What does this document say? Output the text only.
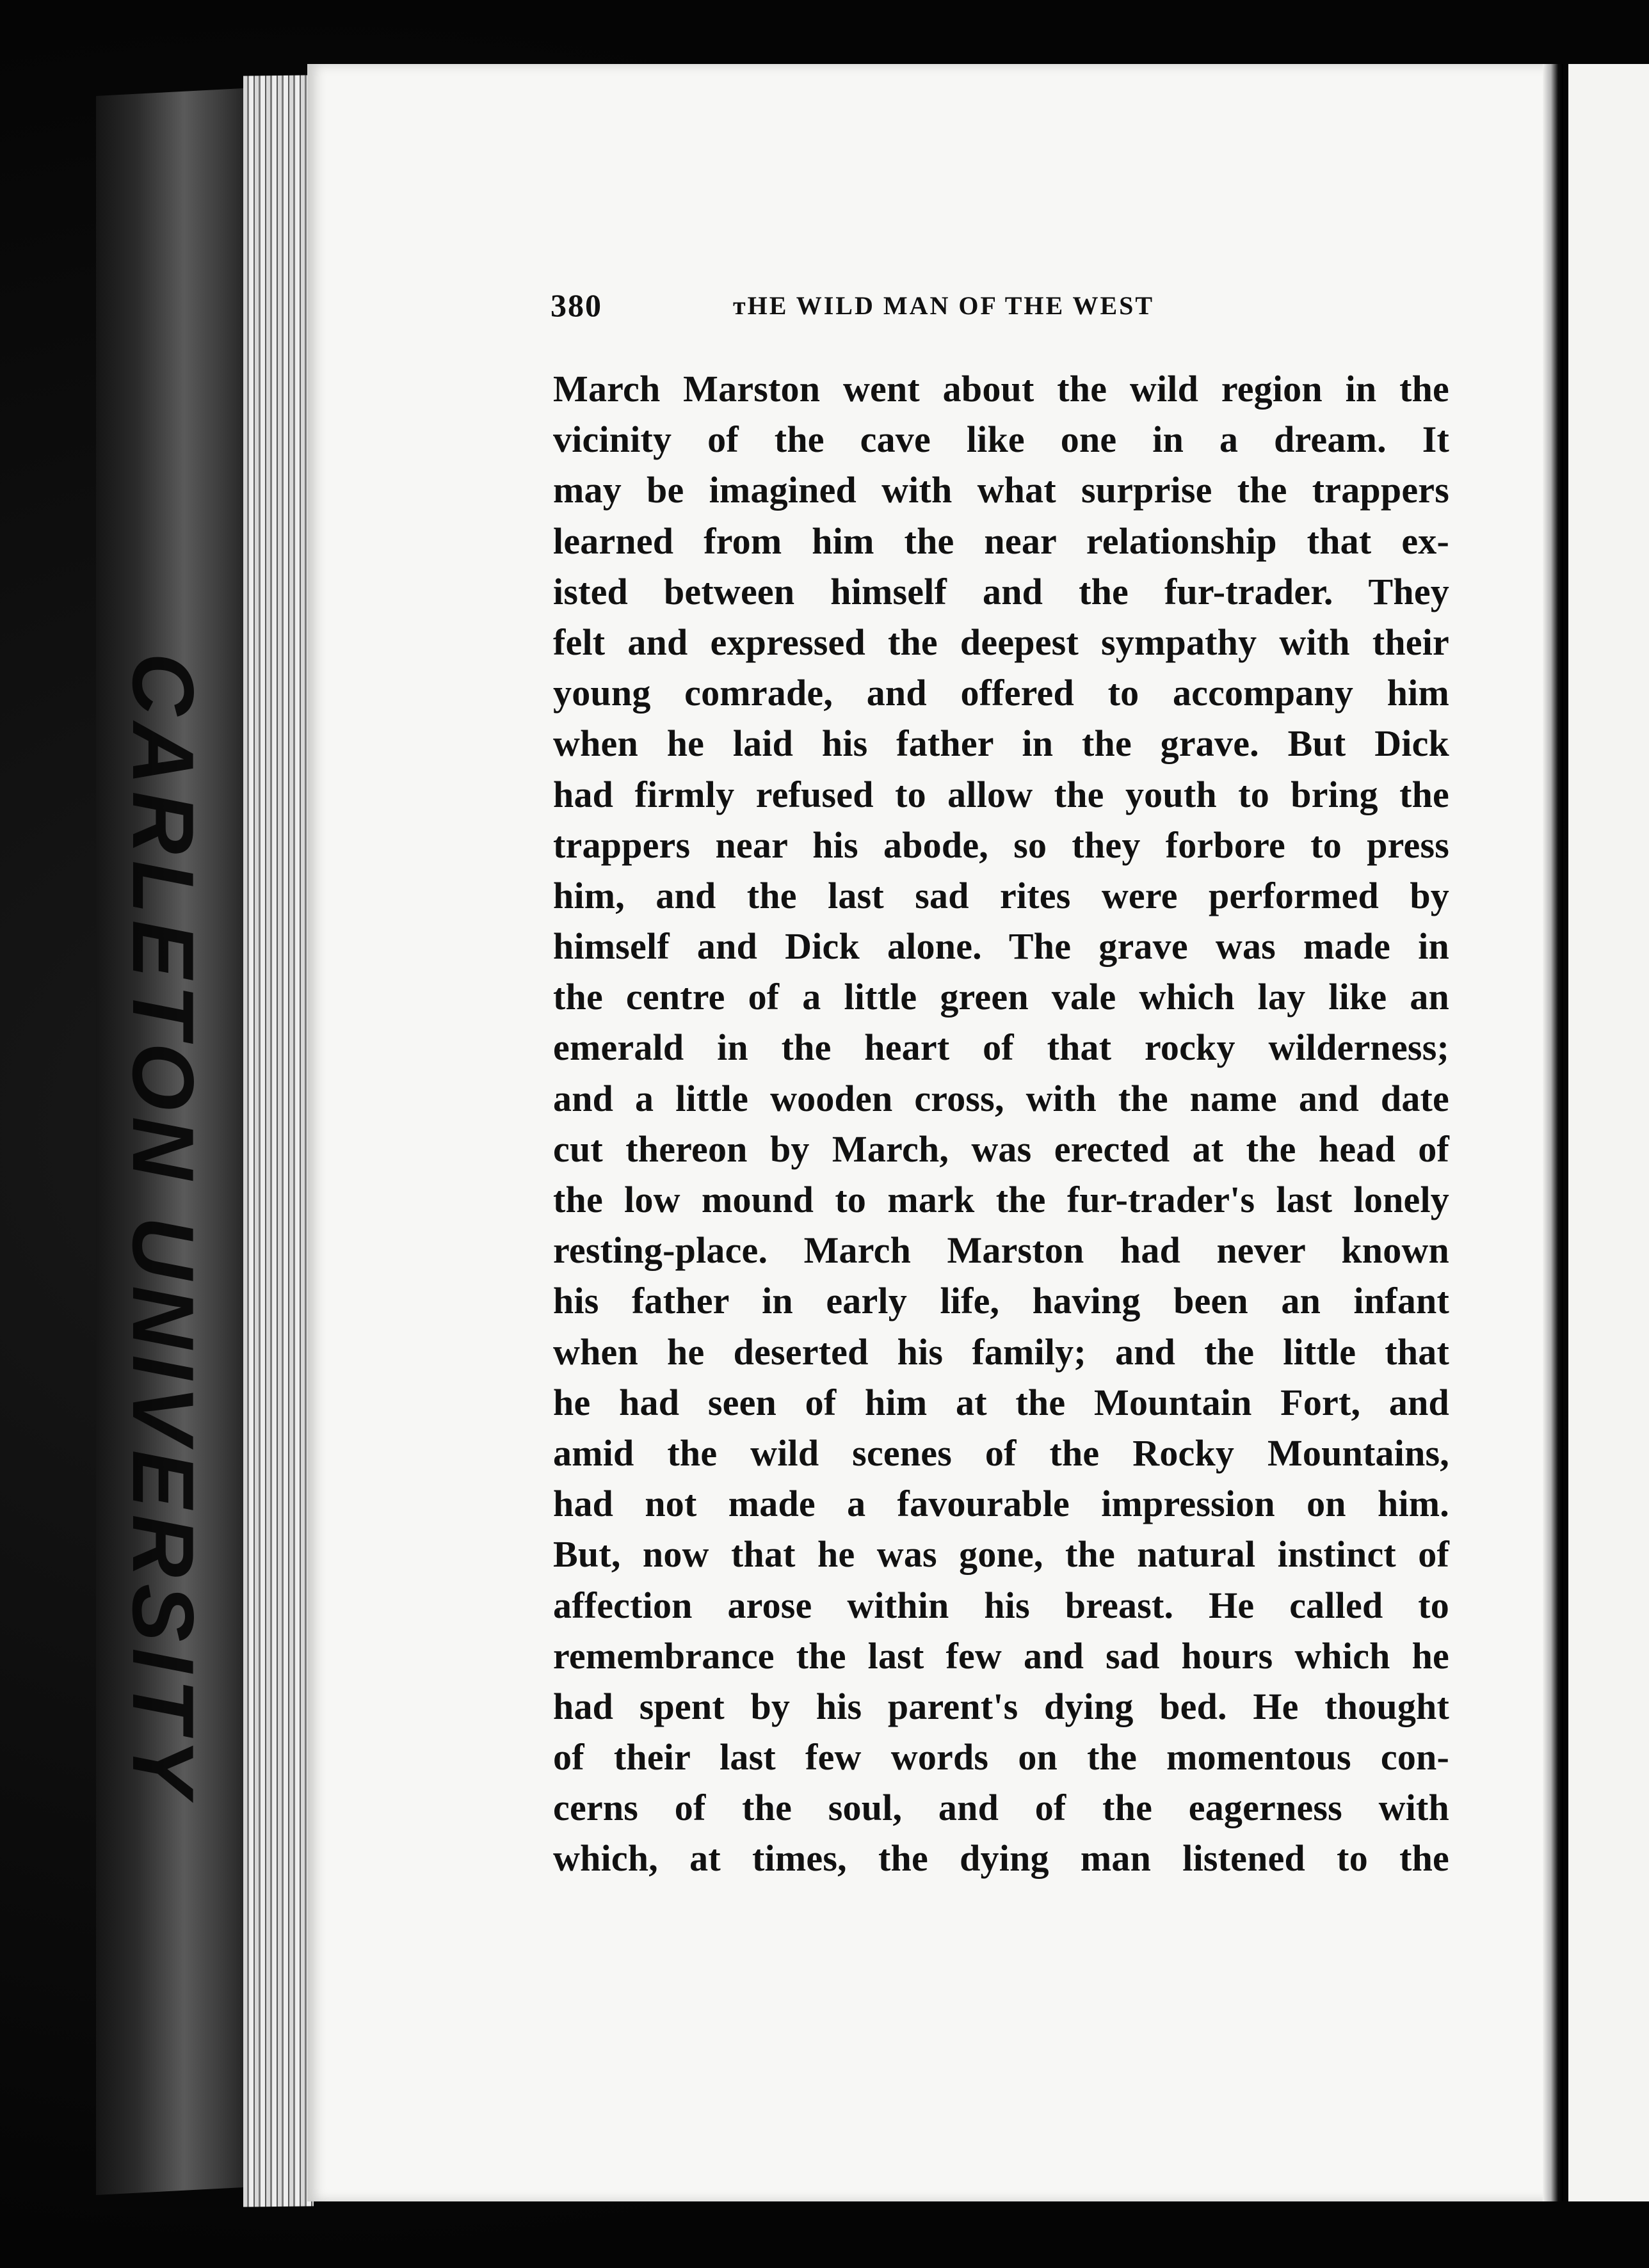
CARLETON UNIVERSITY
380	ᴛHE WILD MAN OF THE WEST
March Marston went about the wild region in the
vicinity of the cave like one in a dream. It
may be imagined with what surprise the trappers
learned from him the near relationship that ex-
isted between himself and the fur-trader. They
felt and expressed the deepest sympathy with their
young comrade, and offered to accompany him
when he laid his father in the grave. But Dick
had firmly refused to allow the youth to bring the
trappers near his abode, so they forbore to press
him, and the last sad rites were performed by
himself and Dick alone. The grave was made in
the centre of a little green vale which lay like an
emerald in the heart of that rocky wilderness;
and a little wooden cross, with the name and date
cut thereon by March, was erected at the head of
the low mound to mark the fur-trader's last lonely
resting-place. March Marston had never known
his father in early life, having been an infant
when he deserted his family; and the little that
he had seen of him at the Mountain Fort, and
amid the wild scenes of the Rocky Mountains,
had not made a favourable impression on him.
But, now that he was gone, the natural instinct of
affection arose within his breast. He called to
remembrance the last few and sad hours which he
had spent by his parent's dying bed. He thought
of their last few words on the momentous con-
cerns of the soul, and of the eagerness with
which, at times, the dying man listened to the
